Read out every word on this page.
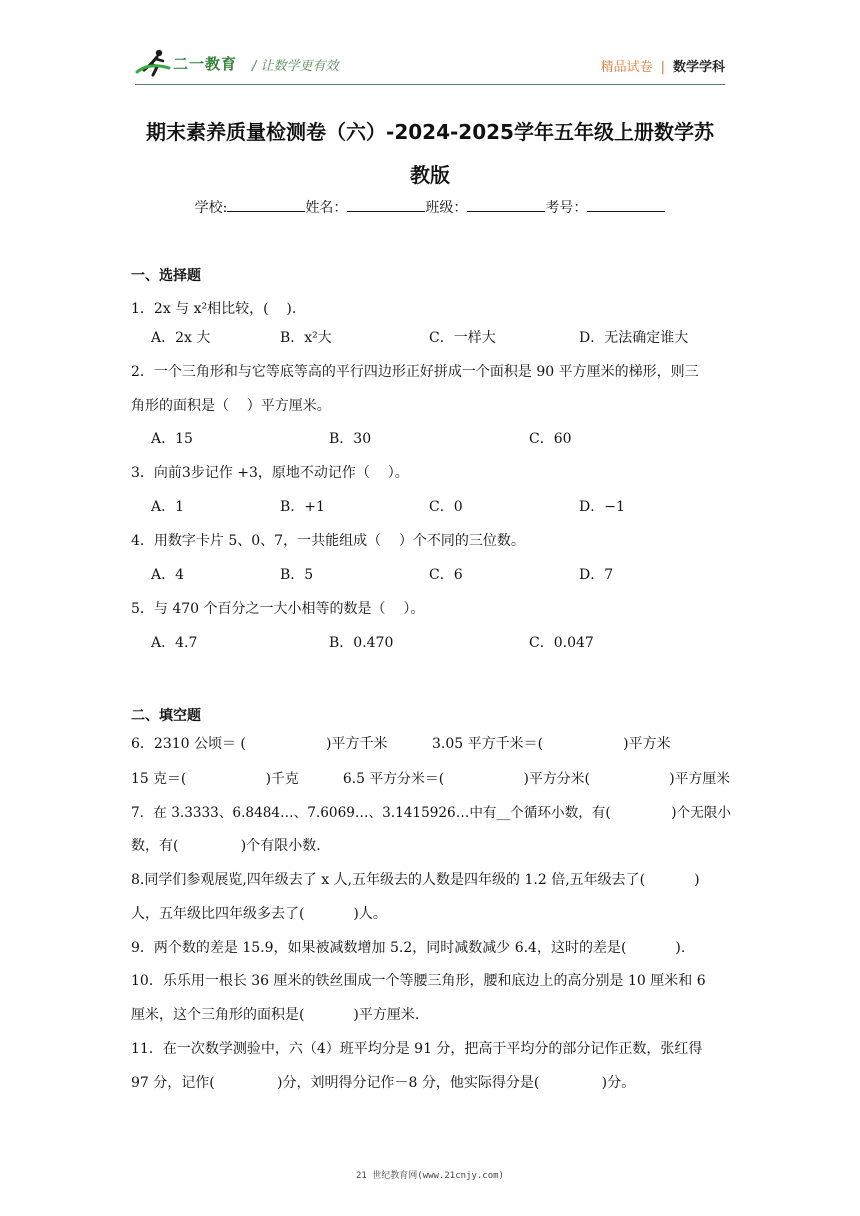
二一教育 / 让数学更有效	精品试卷 | 数学学科
期末素养质量检测卷（六）-2024-2025学年五年级上册数学苏
教版
学校:	姓名：	班级：	考号：
一、选择题
1．2x 与 x²相比较，(    ).
A．2x 大	B．x²大	C．一样大	D．无法确定谁大
2．一个三角形和与它等底等高的平行四边形正好拼成一个面积是 90 平方厘米的梯形，则三
角形的面积是（    ）平方厘米。
A．15	B．30	C．60
3．向前3步记作 +3，原地不动记作（    ）。
A．1	B．+1	C．0	D．−1
4．用数字卡片 5、0、7，一共能组成（    ）个不同的三位数。
A．4	B．5	C．6	D．7
5．与 470 个百分之一大小相等的数是（    ）。
A．4.7	B．0.470	C．0.047
二、填空题
6．2310 公顷＝ (                  )平方千米          3.05 平方千米＝(                  )平方米
15 克＝(                  )千克          6.5 平方分米＝(                  )平方分米(                  )平方厘米
7．在 3.3333、6.8484…、7.6069…、3.1415926…中有__个循环小数，有(              )个无限小
数，有(              )个有限小数.
8.同学们参观展览,四年级去了 x 人,五年级去的人数是四年级的 1.2 倍,五年级去了(           )
人，五年级比四年级多去了(           )人。
9．两个数的差是 15.9，如果被减数增加 5.2，同时减数减少 6.4，这时的差是(           ).
10．乐乐用一根长 36 厘米的铁丝围成一个等腰三角形，腰和底边上的高分别是 10 厘米和 6
厘米，这个三角形的面积是(           )平方厘米.
11．在一次数学测验中，六（4）班平均分是 91 分，把高于平均分的部分记作正数，张红得
97 分，记作(              )分，刘明得分记作－8 分，他实际得分是(              )分。
21 世纪教育网(www.21cnjy.com)
